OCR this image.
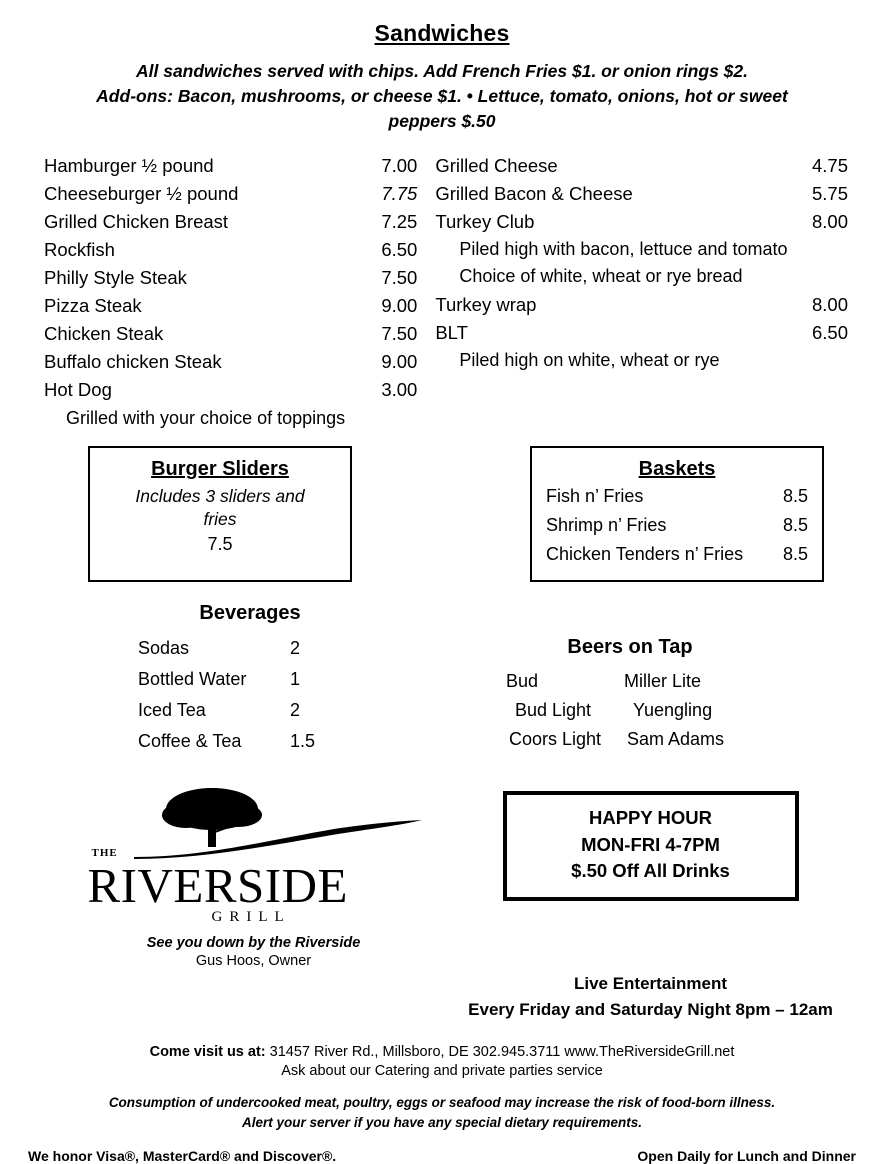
Sandwiches
All sandwiches served with chips. Add French Fries $1. or onion rings $2.
Add-ons: Bacon, mushrooms, or cheese $1. • Lettuce, tomato, onions, hot or sweet
peppers $.50
Hamburger ½ pound	7.00
Cheeseburger ½ pound	7.75
Grilled Chicken Breast	7.25
Rockfish	6.50
Philly Style Steak	7.50
Pizza Steak	9.00
Chicken Steak	7.50
Buffalo chicken Steak	9.00
Hot Dog	3.00
Grilled with your choice of toppings
Grilled Cheese	4.75
Grilled Bacon & Cheese	5.75
Turkey Club	8.00
Piled high with bacon, lettuce and tomato
Choice of white, wheat or rye bread
Turkey wrap	8.00
BLT	6.50
Piled high on white, wheat or rye
Burger Sliders
Includes 3 sliders and
fries
7.5
Baskets
Fish n’ Fries	8.5
Shrimp n’ Fries	8.5
Chicken Tenders n’ Fries 8.5
Beverages
Sodas	2
Bottled Water	1
Iced Tea	2
Coffee & Tea	1.5
Beers on Tap
Bud	Miller Lite
Bud Light	Yuengling
Coors Light	Sam Adams
THE
RIVERSIDE
GRILL
See you down by the Riverside
Gus Hoos, Owner
HAPPY HOUR
MON-FRI 4-7PM
$.50 Off All Drinks
Live Entertainment
Every Friday and Saturday Night 8pm – 12am
Come visit us at: 31457 River Rd., Millsboro, DE 302.945.3711 www.TheRiversideGrill.net
Ask about our Catering and private parties service
Consumption of undercooked meat, poultry, eggs or seafood may increase the risk of food-born illness.
Alert your server if you have any special dietary requirements.
We honor Visa®, MasterCard® and Discover®.	Open Daily for Lunch and Dinner
